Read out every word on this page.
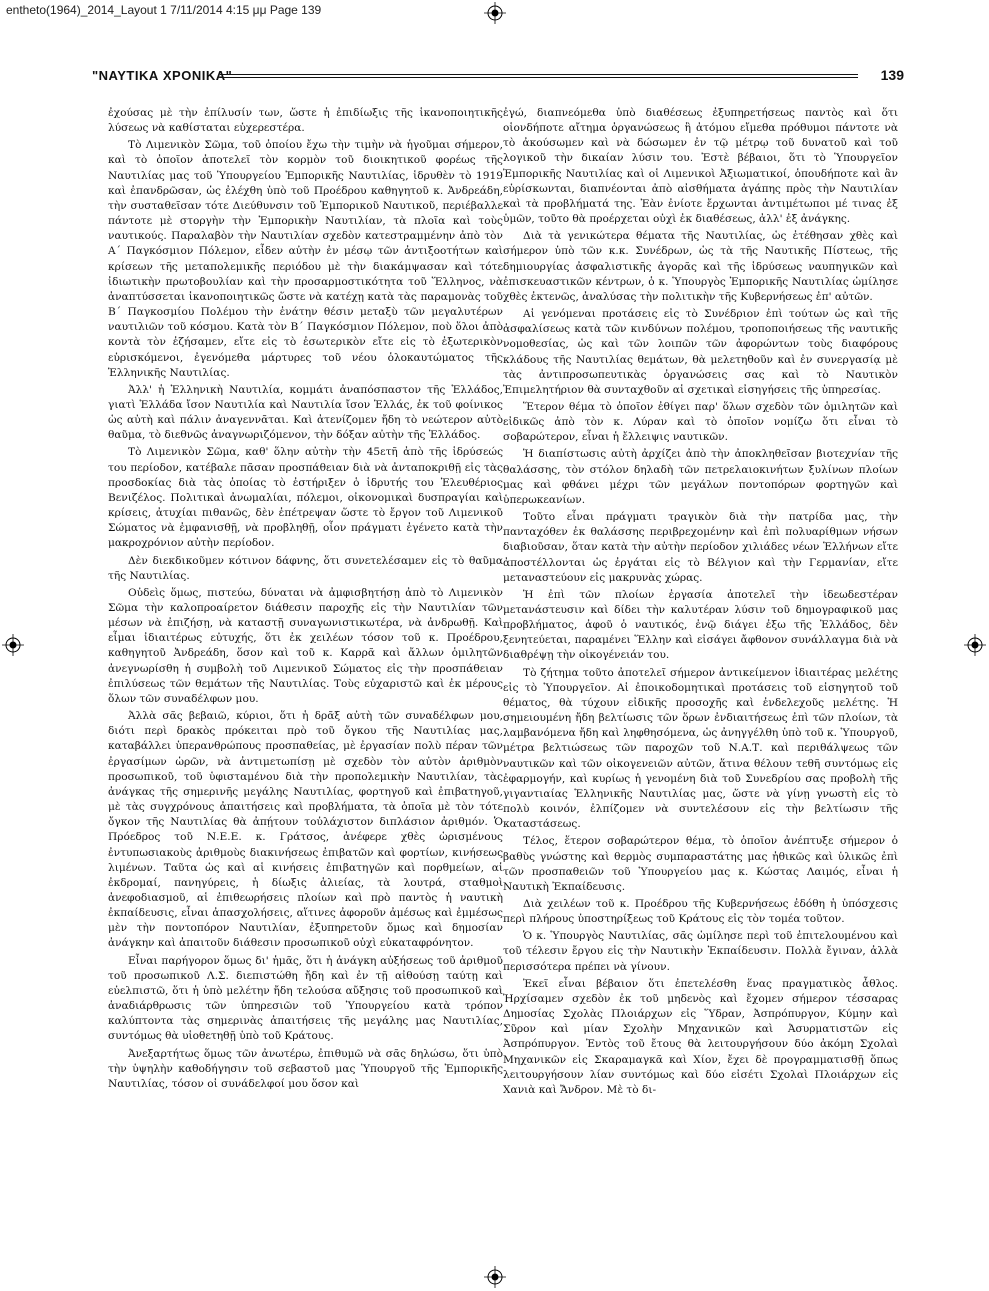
entheto(1964)_2014_Layout 1 7/11/2014 4:15 μμ Page 139
"ΝΑΥΤΙΚΑ ΧΡΟΝΙΚΑ"	139

ἐχούσας μὲ τὴν ἐπίλυσίν των, ὥστε ἡ ἐπιδίωξις τῆς ἱκανοποιητικῆς λύσεως νὰ καθίσταται εὐχερεστέρα.

Τὸ Λιμενικὸν Σῶμα, τοῦ ὁποίου ἔχω τὴν τιμὴν νὰ ἡγοῦμαι σήμερον, καὶ τὸ ὁποῖον ἀποτελεῖ τὸν κορμὸν τοῦ διοικητικοῦ φορέως τῆς Ναυτιλίας μας τοῦ Ὑπουργείου Ἐμπορικῆς Ναυτιλίας, ἱδρυθὲν τὸ 1919 καὶ ἐπανδρῶσαν, ὡς ἐλέχθη ὑπὸ τοῦ Προέδρου καθηγητοῦ κ. Ἀνδρεάδη, τὴν συσταθεῖσαν τότε Διεύθυνσιν τοῦ Ἐμπορικοῦ Ναυτικοῦ, περιέβαλλε πάντοτε μὲ στοργὴν τὴν Ἐμπορικὴν Ναυτιλίαν, τὰ πλοῖα καὶ τοὺς ναυτικούς. Παραλαβὸν τὴν Ναυτιλίαν σχεδὸν κατεστραμμένην ἀπὸ τὸν Α΄ Παγκόσμιον Πόλεμον, εἶδεν αὐτὴν ἐν μέσῳ τῶν ἀντιξοοτήτων καὶ κρίσεων τῆς μεταπολεμικῆς περιόδου μὲ τὴν διακάμψασαν καὶ τότε ἰδιωτικὴν πρωτοβουλίαν καὶ τὴν προσαρμοστικότητα τοῦ Ἕλληνος, νὰ ἀναπτύσσεται ἱκανοποιητικῶς ὥστε νὰ κατέχῃ κατὰ τὰς παραμονὰς τοῦ Β΄ Παγκοσμίου Πολέμου τὴν ἐνάτην θέσιν μεταξὺ τῶν μεγαλυτέρων ναυτιλιῶν τοῦ κόσμου. Κατὰ τὸν Β΄ Παγκόσμιον Πόλεμον, ποὺ ὅλοι ἀπὸ κοντὰ τὸν ἐζήσαμεν, εἴτε εἰς τὸ ἐσωτερικὸν εἴτε εἰς τὸ ἐξωτερικὸν εὑρισκόμενοι, ἐγενόμεθα μάρτυρες τοῦ νέου ὁλοκαυτώματος τῆς Ἑλληνικῆς Ναυτιλίας.

Ἀλλ' ἡ Ἑλληνικὴ Ναυτιλία, κομμάτι ἀναπόσπαστον τῆς Ἑλλάδος, γιατὶ Ἑλλάδα ἴσον Ναυτιλία καὶ Ναυτιλία ἴσον Ἑλλάς, ἐκ τοῦ φοίνικος ὡς αὐτὴ καὶ πάλιν ἀναγεννᾶται. Καὶ ἀτενίζομεν ἤδη τὸ νεώτερον αὐτὸ θαῦμα, τὸ διεθνῶς ἀναγνωριζόμενον, τὴν δόξαν αὐτὴν τῆς Ἑλλάδος.

Τὸ Λιμενικὸν Σῶμα, καθ' ὅλην αὐτὴν τὴν 45ετῆ ἀπὸ τῆς ἱδρύσεώς του περίοδον, κατέβαλε πᾶσαν προσπάθειαν διὰ νὰ ἀνταποκριθῇ εἰς τὰς προσδοκίας διὰ τὰς ὁποίας τὸ ἐστήριξεν ὁ ἱδρυτής του Ἐλευθέριος Βενιζέλος. Πολιτικαὶ ἀνωμαλίαι, πόλεμοι, οἰκονομικαὶ δυσπραγίαι καὶ κρίσεις, ἀτυχίαι πιθανῶς, δὲν ἐπέτρεψαν ὥστε τὸ ἔργον τοῦ Λιμενικοῦ Σώματος νὰ ἐμφανισθῇ, νὰ προβληθῇ, οἷον πράγματι ἐγένετο κατὰ τὴν μακροχρόνιον αὐτὴν περίοδον.

Δὲν διεκδικοῦμεν κότινον δάφνης, ὅτι συνετελέσαμεν εἰς τὸ θαῦμα τῆς Ναυτιλίας.

Οὐδεὶς ὅμως, πιστεύω, δύναται νὰ ἀμφισβητήσῃ ἀπὸ τὸ Λιμενικὸν Σῶμα τὴν καλοπροαίρετον διάθεσιν παροχῆς εἰς τὴν Ναυτιλίαν τῶν μέσων νὰ ἐπιζήσῃ, νὰ καταστῇ συναγωνιστικωτέρα, νὰ ἀνδρωθῇ. Καὶ εἶμαι ἰδιαιτέρως εὐτυχής, ὅτι ἐκ χειλέων τόσον τοῦ κ. Προέδρου, καθηγητοῦ Ἀνδρεάδη, ὅσον καὶ τοῦ κ. Καρρᾶ καὶ ἄλλων ὁμιλητῶν ἀνεγνωρίσθη ἡ συμβολὴ τοῦ Λιμενικοῦ Σώματος εἰς τὴν προσπάθειαν ἐπιλύσεως τῶν θεμάτων τῆς Ναυτιλίας. Τοὺς εὐχαριστῶ καὶ ἐκ μέρους ὅλων τῶν συναδέλφων μου.

Ἀλλὰ σᾶς βεβαιῶ, κύριοι, ὅτι ἡ δρᾶξ αὐτὴ τῶν συναδέλφων μου, διότι περὶ δρακὸς πρόκειται πρὸ τοῦ ὄγκου τῆς Ναυτιλίας μας, καταβάλλει ὑπερανθρώπους προσπαθείας, μὲ ἐργασίαν πολὺ πέραν τῶν ἐργασίμων ὡρῶν, νὰ ἀντιμετωπίσῃ μὲ σχεδὸν τὸν αὐτὸν ἀριθμὸν προσωπικοῦ, τοῦ ὑφισταμένου διὰ τὴν προπολεμικὴν Ναυτιλίαν, τὰς ἀνάγκας τῆς σημερινῆς μεγάλης Ναυτιλίας, φορτηγοῦ καὶ ἐπιβατηγοῦ, μὲ τὰς συγχρόνους ἀπαιτήσεις καὶ προβλήματα, τὰ ὁποῖα μὲ τὸν τότε ὄγκον τῆς Ναυτιλίας θὰ ἀπῄτουν τοὐλάχιστον διπλάσιον ἀριθμόν. Ὁ Πρόεδρος τοῦ Ν.Ε.Ε. κ. Γράτσος, ἀνέφερε χθὲς ὡρισμένους ἐντυπωσιακοὺς ἀριθμοὺς διακινήσεως ἐπιβατῶν καὶ φορτίων, κινήσεως λιμένων. Ταῦτα ὡς καὶ αἱ κινήσεις ἐπιβατηγῶν καὶ πορθμείων, αἱ ἐκδρομαί, πανηγύρεις, ἡ δίωξις ἁλιείας, τὰ λουτρά, σταθμοὶ ἀνεφοδιασμοῦ, αἱ ἐπιθεωρήσεις πλοίων καὶ πρὸ παντὸς ἡ ναυτικὴ ἐκπαίδευσις, εἶναι ἀπασχολήσεις, αἵτινες ἀφοροῦν ἀμέσως καὶ ἐμμέσως μὲν τὴν ποντοπόρον Ναυτιλίαν, ἐξυπηρετοῦν ὅμως καὶ δημοσίαν ἀνάγκην καὶ ἀπαιτοῦν διάθεσιν προσωπικοῦ οὐχὶ εὐκαταφρόνητον.

Εἶναι παρήγορον ὅμως δι' ἡμᾶς, ὅτι ἡ ἀνάγκη αὐξήσεως τοῦ ἀριθμοῦ τοῦ προσωπικοῦ Λ.Σ. διεπιστώθη ἤδη καὶ ἐν τῇ αἰθούσῃ ταύτῃ καὶ εὐελπιστῶ, ὅτι ἡ ὑπὸ μελέτην ἤδη τελούσα αὔξησις τοῦ προσωπικοῦ καὶ ἀναδιάρθρωσις τῶν ὑπηρεσιῶν τοῦ Ὑπουργείου κατὰ τρόπον καλύπτοντα τὰς σημερινὰς ἀπαιτήσεις τῆς μεγάλης μας Ναυτιλίας, συντόμως θὰ υἱοθετηθῇ ὑπὸ τοῦ Κράτους.

Ἀνεξαρτήτως ὅμως τῶν ἀνωτέρω, ἐπιθυμῶ νὰ σᾶς δηλώσω, ὅτι ὑπὸ τὴν ὑψηλὴν καθοδήγησιν τοῦ σεβαστοῦ μας Ὑπουργοῦ τῆς Ἐμπορικῆς Ναυτιλίας, τόσον οἱ συνάδελφοί μου ὅσον καὶ

ἐγώ, διαπνεόμεθα ὑπὸ διαθέσεως ἐξυπηρετήσεως παντὸς καὶ ὅτι οἱονδήποτε αἴτημα ὀργανώσεως ἢ ἀτόμου εἴμεθα πρόθυμοι πάντοτε νὰ τὸ ἀκούσωμεν καὶ νὰ δώσωμεν ἐν τῷ μέτρῳ τοῦ δυνατοῦ καὶ τοῦ λογικοῦ τὴν δικαίαν λύσιν του. Ἐστὲ βέβαιοι, ὅτι τὸ Ὑπουργεῖον Ἐμπορικῆς Ναυτιλίας καὶ οἱ Λιμενικοὶ Ἀξιωματικοί, ὁπουδήποτε καὶ ἂν εὑρίσκωνται, διαπνέονται ἀπὸ αἰσθήματα ἀγάπης πρὸς τὴν Ναυτιλίαν καὶ τὰ προβλήματά της. Ἐὰν ἐνίοτε ἔρχωνται ἀντιμέτωποι μέ τινας ἐξ ὑμῶν, τοῦτο θὰ προέρχεται οὐχὶ ἐκ διαθέσεως, ἀλλ' ἐξ ἀνάγκης.

Διὰ τὰ γενικώτερα θέματα τῆς Ναυτιλίας, ὡς ἐτέθησαν χθὲς καὶ σήμερον ὑπὸ τῶν κ.κ. Συνέδρων, ὡς τὰ τῆς Ναυτικῆς Πίστεως, τῆς δημιουργίας ἀσφαλιστικῆς ἀγορᾶς καὶ τῆς ἱδρύσεως ναυπηγικῶν καὶ ἐπισκευαστικῶν κέντρων, ὁ κ. Ὑπουργὸς Ἐμπορικῆς Ναυτιλίας ὡμίλησε χθὲς ἐκτενῶς, ἀναλύσας τὴν πολιτικὴν τῆς Κυβερνήσεως ἐπ' αὐτῶν.

Αἱ γενόμεναι προτάσεις εἰς τὸ Συνέδριον ἐπὶ τούτων ὡς καὶ τῆς ἀσφαλίσεως κατὰ τῶν κινδύνων πολέμου, τροποποιήσεως τῆς ναυτικῆς νομοθεσίας, ὡς καὶ τῶν λοιπῶν τῶν ἀφορώντων τοὺς διαφόρους κλάδους τῆς Ναυτιλίας θεμάτων, θὰ μελετηθοῦν καὶ ἐν συνεργασίᾳ μὲ τὰς ἀντιπροσωπευτικὰς ὀργανώσεις σας καὶ τὸ Ναυτικὸν Ἐπιμελητήριον θὰ συνταχθοῦν αἱ σχετικαὶ εἰσηγήσεις τῆς ὑπηρεσίας.

Ἕτερον θέμα τὸ ὁποῖον ἐθίγει παρ' ὅλων σχεδὸν τῶν ὁμιλητῶν καὶ εἰδικῶς ἀπὸ τὸν κ. Λύραν καὶ τὸ ὁποῖον νομίζω ὅτι εἶναι τὸ σοβαρώτερον, εἶναι ἡ ἔλλειψις ναυτικῶν.

Ἡ διαπίστωσις αὐτὴ ἀρχίζει ἀπὸ τὴν ἀποκληθεῖσαν βιοτεχνίαν τῆς θαλάσσης, τὸν στόλον δηλαδὴ τῶν πετρελαιοκινήτων ξυλίνων πλοίων μας καὶ φθάνει μέχρι τῶν μεγάλων ποντοπόρων φορτηγῶν καὶ ὑπερωκεανίων.

Τοῦτο εἶναι πράγματι τραγικὸν διὰ τὴν πατρίδα μας, τὴν πανταχόθεν ἐκ θαλάσσης περιβρεχομένην καὶ ἐπὶ πολυαρίθμων νήσων διαβιοῦσαν, ὅταν κατὰ τὴν αὐτὴν περίοδον χιλιάδες νέων Ἑλλήνων εἴτε ἀποστέλλονται ὡς ἐργάται εἰς τὸ Βέλγιον καὶ τὴν Γερμανίαν, εἴτε μεταναστεύουν εἰς μακρυνὰς χώρας.

Ἡ ἐπὶ τῶν πλοίων ἐργασία ἀποτελεῖ τὴν ἰδεωδεστέραν μετανάστευσιν καὶ δίδει τὴν καλυτέραν λύσιν τοῦ δημογραφικοῦ μας προβλήματος, ἀφοῦ ὁ ναυτικός, ἐνῷ διάγει ἐξω τῆς Ἑλλάδος, δὲν ξενητεύεται, παραμένει Ἕλλην καὶ εἰσάγει ἄφθονον συνάλλαγμα διὰ νὰ διαθρέψῃ τὴν οἰκογένειάν του.

Τὸ ζήτημα τοῦτο ἀποτελεῖ σήμερον ἀντικείμενον ἰδιαιτέρας μελέτης εἰς τὸ Ὑπουργεῖον. Αἱ ἐποικοδομητικαὶ προτάσεις τοῦ εἰσηγητοῦ τοῦ θέματος, θὰ τύχουν εἰδικῆς προσοχῆς καὶ ἐνδελεχοῦς μελέτης. Ἡ σημειουμένη ἤδη βελτίωσις τῶν ὅρων ἐνδιαιτήσεως ἐπὶ τῶν πλοίων, τὰ λαμβανόμενα ἤδη καὶ ληφθησόμενα, ὡς ἀνηγγέλθη ὑπὸ τοῦ κ. Ὑπουργοῦ, μέτρα βελτιώσεως τῶν παροχῶν τοῦ Ν.Α.Τ. καὶ περιθάλψεως τῶν ναυτικῶν καὶ τῶν οἰκογενειῶν αὐτῶν, ἅτινα θέλουν τεθῆ συντόμως εἰς ἐφαρμογήν, καὶ κυρίως ἡ γενομένη διὰ τοῦ Συνεδρίου σας προβολὴ τῆς γιγαντιαίας Ἑλληνικῆς Ναυτιλίας μας, ὥστε νὰ γίνῃ γνωστὴ εἰς τὸ πολὺ κοινόν, ἐλπίζομεν νὰ συντελέσουν εἰς τὴν βελτίωσιν τῆς καταστάσεως.

Τέλος, ἕτερον σοβαρώτερον θέμα, τὸ ὁποῖον ἀνέπτυξε σήμερον ὁ βαθὺς γνώστης καὶ θερμὸς συμπαραστάτης μας ἠθικῶς καὶ ὑλικῶς ἐπὶ τῶν προσπαθειῶν τοῦ Ὑπουργείου μας κ. Κώστας Λαιμός, εἶναι ἡ Ναυτικὴ Ἐκπαίδευσις.

Διὰ χειλέων τοῦ κ. Προέδρου τῆς Κυβερνήσεως ἐδόθη ἡ ὑπόσχεσις περὶ πλήρους ὑποστηρίξεως τοῦ Κράτους εἰς τὸν τομέα τοῦτον.

Ὁ κ. Ὑπουργὸς Ναυτιλίας, σᾶς ὡμίλησε περὶ τοῦ ἐπιτελουμένου καὶ τοῦ τέλεσιν ἔργου εἰς τὴν Ναυτικὴν Ἐκπαίδευσιν. Πολλὰ ἔγιναν, ἀλλὰ περισσότερα πρέπει νὰ γίνουν.

Ἐκεῖ εἶναι βέβαιον ὅτι ἐπετελέσθη ἕνας πραγματικὸς ἆθλος. Ἠρχίσαμεν σχεδὸν ἐκ τοῦ μηδενὸς καὶ ἔχομεν σήμερον τέσσαρας Δημοσίας Σχολὰς Πλοιάρχων εἰς Ὕδραν, Ἀσπρόπυργον, Κύμην καὶ Σῦρον καὶ μίαν Σχολὴν Μηχανικῶν καὶ Ἀσυρματιστῶν εἰς Ἀσπρόπυργον. Ἐντὸς τοῦ ἔτους θὰ λειτουργήσουν δύο ἀκόμη Σχολαὶ Μηχανικῶν εἰς Σκαραμαγκᾶ καὶ Χίον, ἔχει δὲ προγραμματισθῇ ὅπως λειτουργήσουν λίαν συντόμως καὶ δύο εἰσέτι Σχολαὶ Πλοιάρχων εἰς Χανιὰ καὶ Ἄνδρον. Μὲ τὸ δι-
